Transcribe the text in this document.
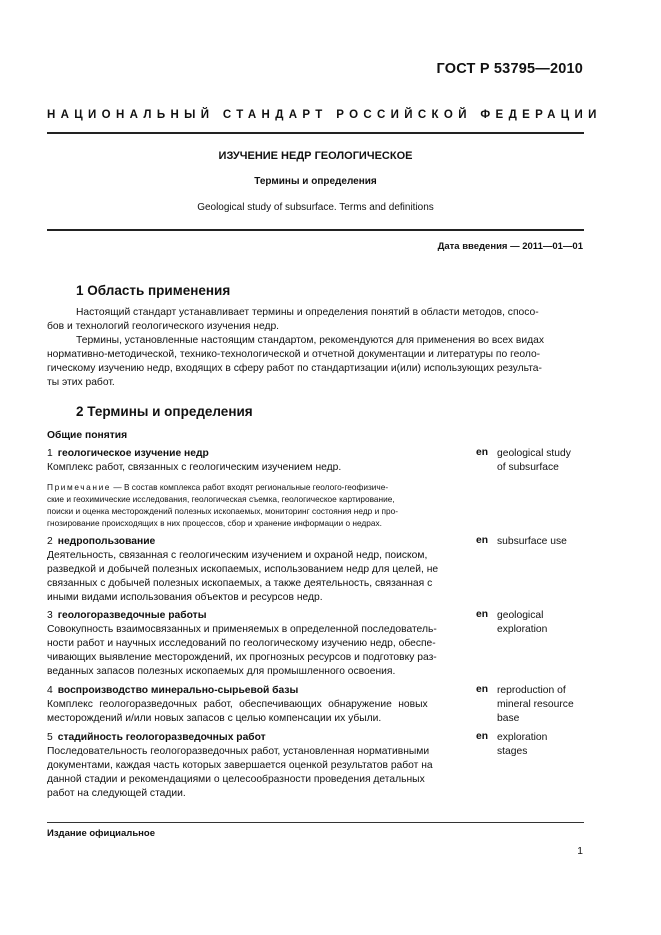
ГОСТ Р 53795—2010
НАЦИОНАЛЬНЫЙ СТАНДАРТ РОССИЙСКОЙ ФЕДЕРАЦИИ
ИЗУЧЕНИЕ НЕДР ГЕОЛОГИЧЕСКОЕ
Термины и определения
Geological study of subsurface. Terms and definitions
Дата введения — 2011—01—01
1 Область применения
Настоящий стандарт устанавливает термины и определения понятий в области методов, спосо-
бов и технологий геологического изучения недр.
Термины, установленные настоящим стандартом, рекомендуются для применения во всех видах
нормативно-методической, технико-технологической и отчетной документации и литературы по геоло-
гическому изучению недр, входящих в сферу работ по стандартизации и(или) использующих результа-
ты этих работ.
2 Термины и определения
Общие понятия
1 геологическое изучение недр
Комплекс работ, связанных с геологическим изучением недр.
en geological study
of subsurface
Примечание — В состав комплекса работ входят региональные геолого-геофизиче-
ские и геохимические исследования, геологическая съемка, геологическое картирование,
поиски и оценка месторождений полезных ископаемых, мониторинг состояния недр и про-
гнозирование происходящих в них процессов, сбор и хранение информации о недрах.
2 недропользование
Деятельность, связанная с геологическим изучением и охраной недр, поиском,
разведкой и добычей полезных ископаемых, использованием недр для целей, не
связанных с добычей полезных ископаемых, а также деятельность, связанная с
иными видами использования объектов и ресурсов недр.
en subsurface use
3 геологоразведочные работы
Совокупность взаимосвязанных и применяемых в определенной последователь-
ности работ и научных исследований по геологическому изучению недр, обеспе-
чивающих выявление месторождений, их прогнозных ресурсов и подготовку раз-
веданных запасов полезных ископаемых для промышленного освоения.
en geological
exploration
4 воспроизводство минерально-сырьевой базы
Комплекс геологоразведочных работ, обеспечивающих обнаружение новых
месторождений и/или новых запасов с целью компенсации их убыли.
en reproduction of
mineral resource
base
5 стадийность геологоразведочных работ
Последовательность геологоразведочных работ, установленная нормативными
документами, каждая часть которых завершается оценкой результатов работ на
данной стадии и рекомендациями о целесообразности проведения детальных
работ на следующей стадии.
en exploration
stages
Издание официальное
1
